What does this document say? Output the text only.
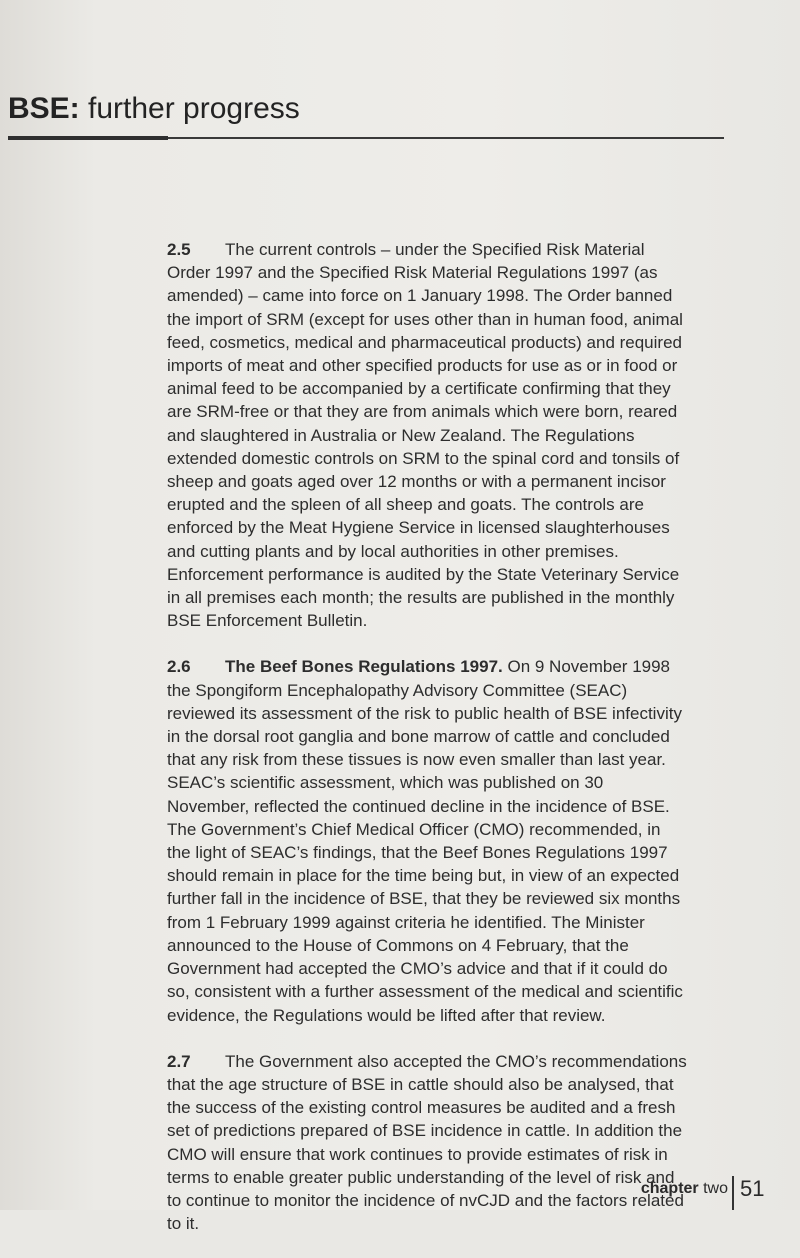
BSE: further progress

2.5 The current controls – under the Specified Risk Material Order 1997 and the Specified Risk Material Regulations 1997 (as amended) – came into force on 1 January 1998. The Order banned the import of SRM (except for uses other than in human food, animal feed, cosmetics, medical and pharmaceutical products) and required imports of meat and other specified products for use as or in food or animal feed to be accompanied by a certificate confirming that they are SRM-free or that they are from animals which were born, reared and slaughtered in Australia or New Zealand. The Regulations extended domestic controls on SRM to the spinal cord and tonsils of sheep and goats aged over 12 months or with a permanent incisor erupted and the spleen of all sheep and goats. The controls are enforced by the Meat Hygiene Service in licensed slaughterhouses and cutting plants and by local authorities in other premises. Enforcement performance is audited by the State Veterinary Service in all premises each month; the results are published in the monthly BSE Enforcement Bulletin.

2.6 The Beef Bones Regulations 1997. On 9 November 1998 the Spongiform Encephalopathy Advisory Committee (SEAC) reviewed its assessment of the risk to public health of BSE infectivity in the dorsal root ganglia and bone marrow of cattle and concluded that any risk from these tissues is now even smaller than last year. SEAC’s scientific assessment, which was published on 30 November, reflected the continued decline in the incidence of BSE. The Government’s Chief Medical Officer (CMO) recommended, in the light of SEAC’s findings, that the Beef Bones Regulations 1997 should remain in place for the time being but, in view of an expected further fall in the incidence of BSE, that they be reviewed six months from 1 February 1999 against criteria he identified. The Minister announced to the House of Commons on 4 February, that the Government had accepted the CMO’s advice and that if it could do so, consistent with a further assessment of the medical and scientific evidence, the Regulations would be lifted after that review.

2.7 The Government also accepted the CMO’s recommendations that the age structure of BSE in cattle should also be analysed, that the success of the existing control measures be audited and a fresh set of predictions prepared of BSE incidence in cattle. In addition the CMO will ensure that work continues to provide estimates of risk in terms to enable greater public understanding of the level of risk and to continue to monitor the incidence of nvCJD and the factors related to it.

chapter two 51
